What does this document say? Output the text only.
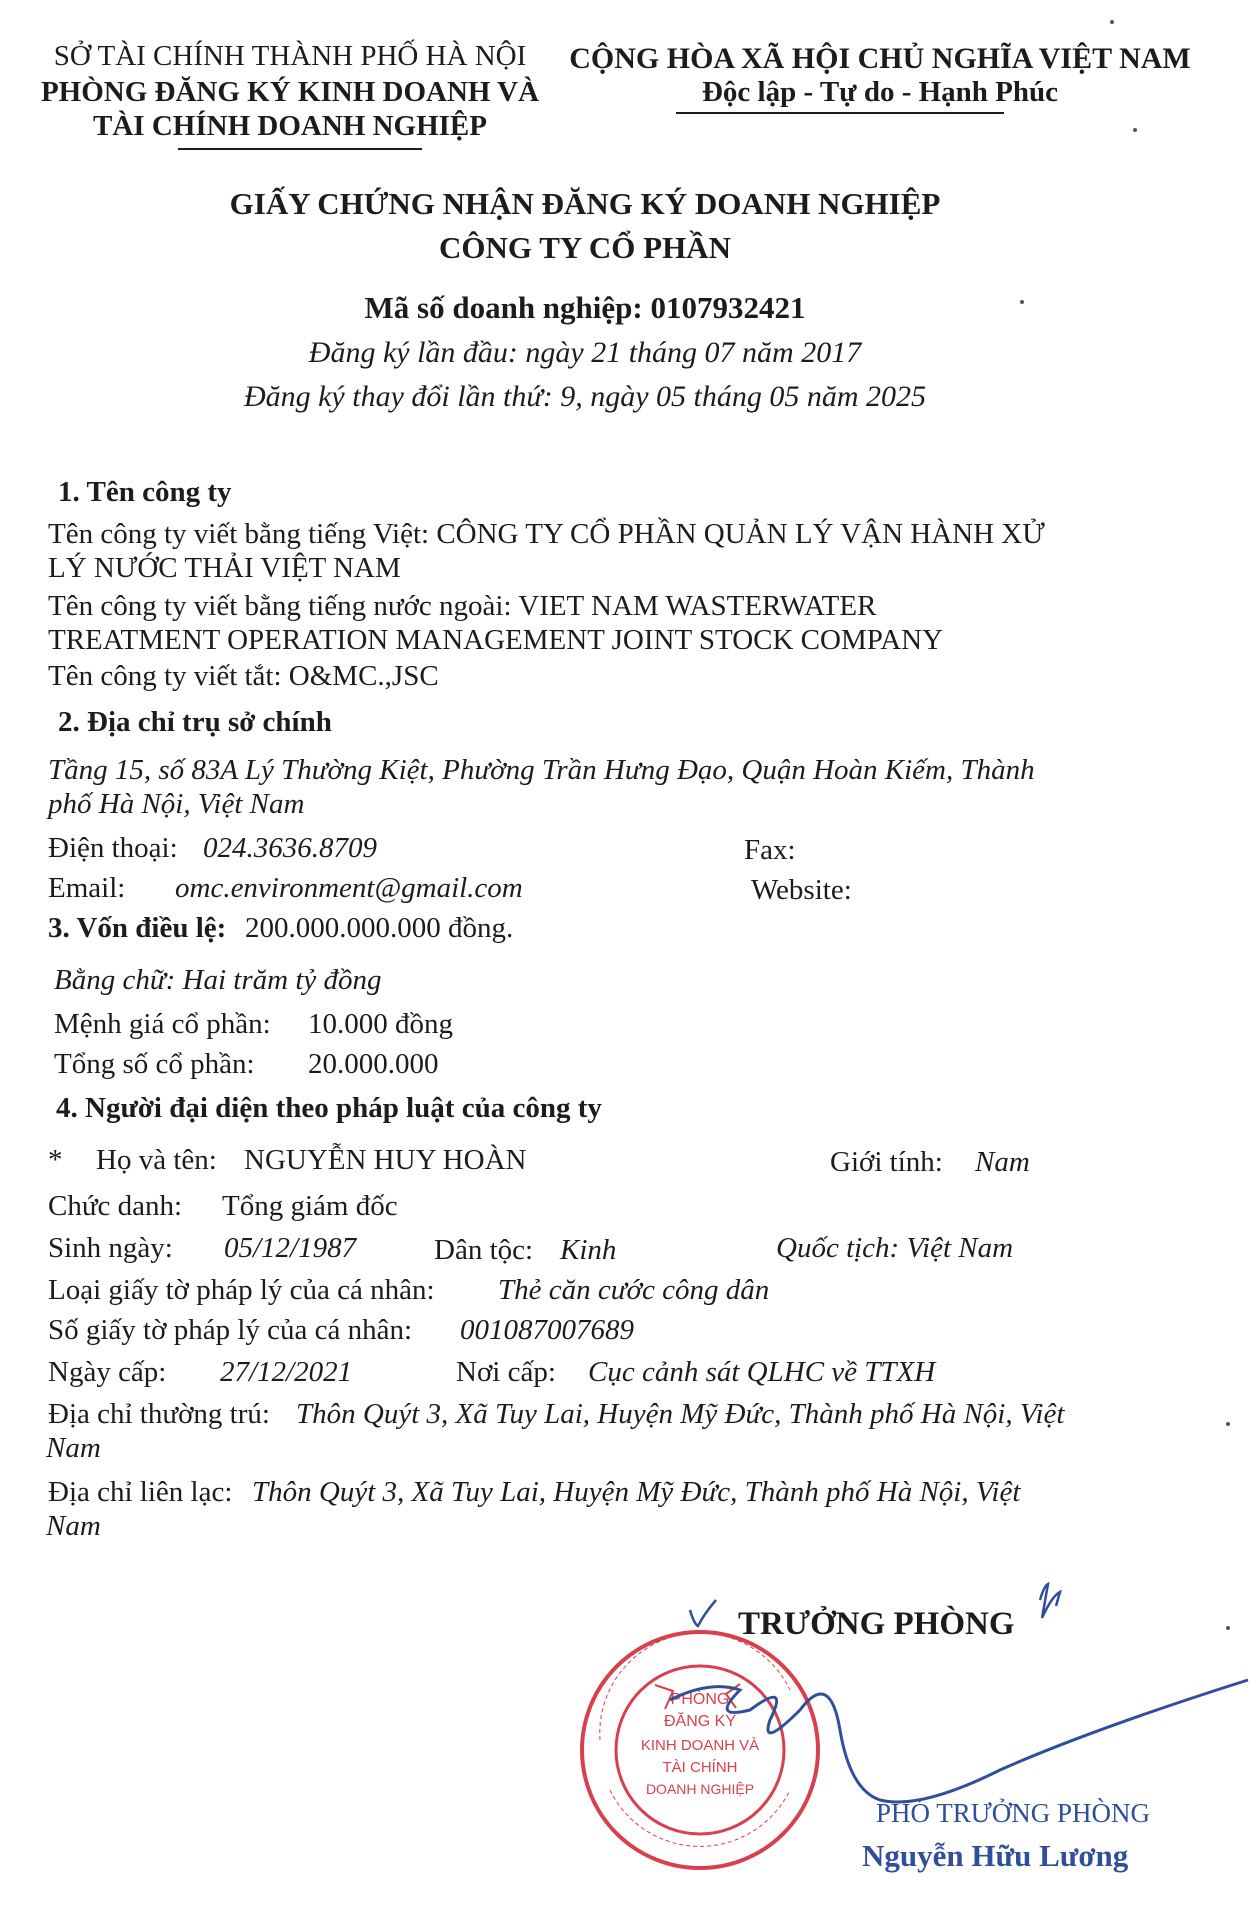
SỞ TÀI CHÍNH THÀNH PHỐ HÀ NỘI
PHÒNG ĐĂNG KÝ KINH DOANH VÀ
TÀI CHÍNH DOANH NGHIỆP
CỘNG HÒA XÃ HỘI CHỦ NGHĨA VIỆT NAM
Độc lập - Tự do - Hạnh Phúc
GIẤY CHỨNG NHẬN ĐĂNG KÝ DOANH NGHIỆP
CÔNG TY CỔ PHẦN
Mã số doanh nghiệp: 0107932421
Đăng ký lần đầu: ngày 21 tháng 07 năm 2017
Đăng ký thay đổi lần thứ: 9, ngày 05 tháng 05 năm 2025
1. Tên công ty
Tên công ty viết bằng tiếng Việt: CÔNG TY CỔ PHẦN QUẢN LÝ VẬN HÀNH XỬ
LÝ NƯỚC THẢI VIỆT NAM
Tên công ty viết bằng tiếng nước ngoài: VIET NAM WASTERWATER
TREATMENT OPERATION MANAGEMENT JOINT STOCK COMPANY
Tên công ty viết tắt: O&MC.,JSC
2. Địa chỉ trụ sở chính
Tầng 15, số 83A Lý Thường Kiệt, Phường Trần Hưng Đạo, Quận Hoàn Kiếm, Thành
phố Hà Nội, Việt Nam
Điện thoại: 024.3636.8709	Fax:
Email: omc.environment@gmail.com	Website:
3. Vốn điều lệ: 200.000.000.000 đồng.
Bằng chữ: Hai trăm tỷ đồng
Mệnh giá cổ phần: 10.000 đồng
Tổng số cổ phần: 20.000.000
4. Người đại diện theo pháp luật của công ty
* Họ và tên: NGUYỄN HUY HOÀN	Giới tính: Nam
Chức danh: Tổng giám đốc
Sinh ngày: 05/12/1987	Dân tộc: Kinh	Quốc tịch: Việt Nam
Loại giấy tờ pháp lý của cá nhân: Thẻ căn cước công dân
Số giấy tờ pháp lý của cá nhân: 001087007689
Ngày cấp: 27/12/2021	Nơi cấp: Cục cảnh sát QLHC về TTXH
Địa chỉ thường trú: Thôn Quýt 3, Xã Tuy Lai, Huyện Mỹ Đức, Thành phố Hà Nội, Việt
Nam
Địa chỉ liên lạc: Thôn Quýt 3, Xã Tuy Lai, Huyện Mỹ Đức, Thành phố Hà Nội, Việt
Nam
TRƯỞNG PHÒNG
PHÒNG
ĐĂNG KÝ
KINH DOANH VÀ
TÀI CHÍNH
DOANH NGHIỆP
PHÓ TRƯỞNG PHÒNG
Nguyễn Hữu Lương
